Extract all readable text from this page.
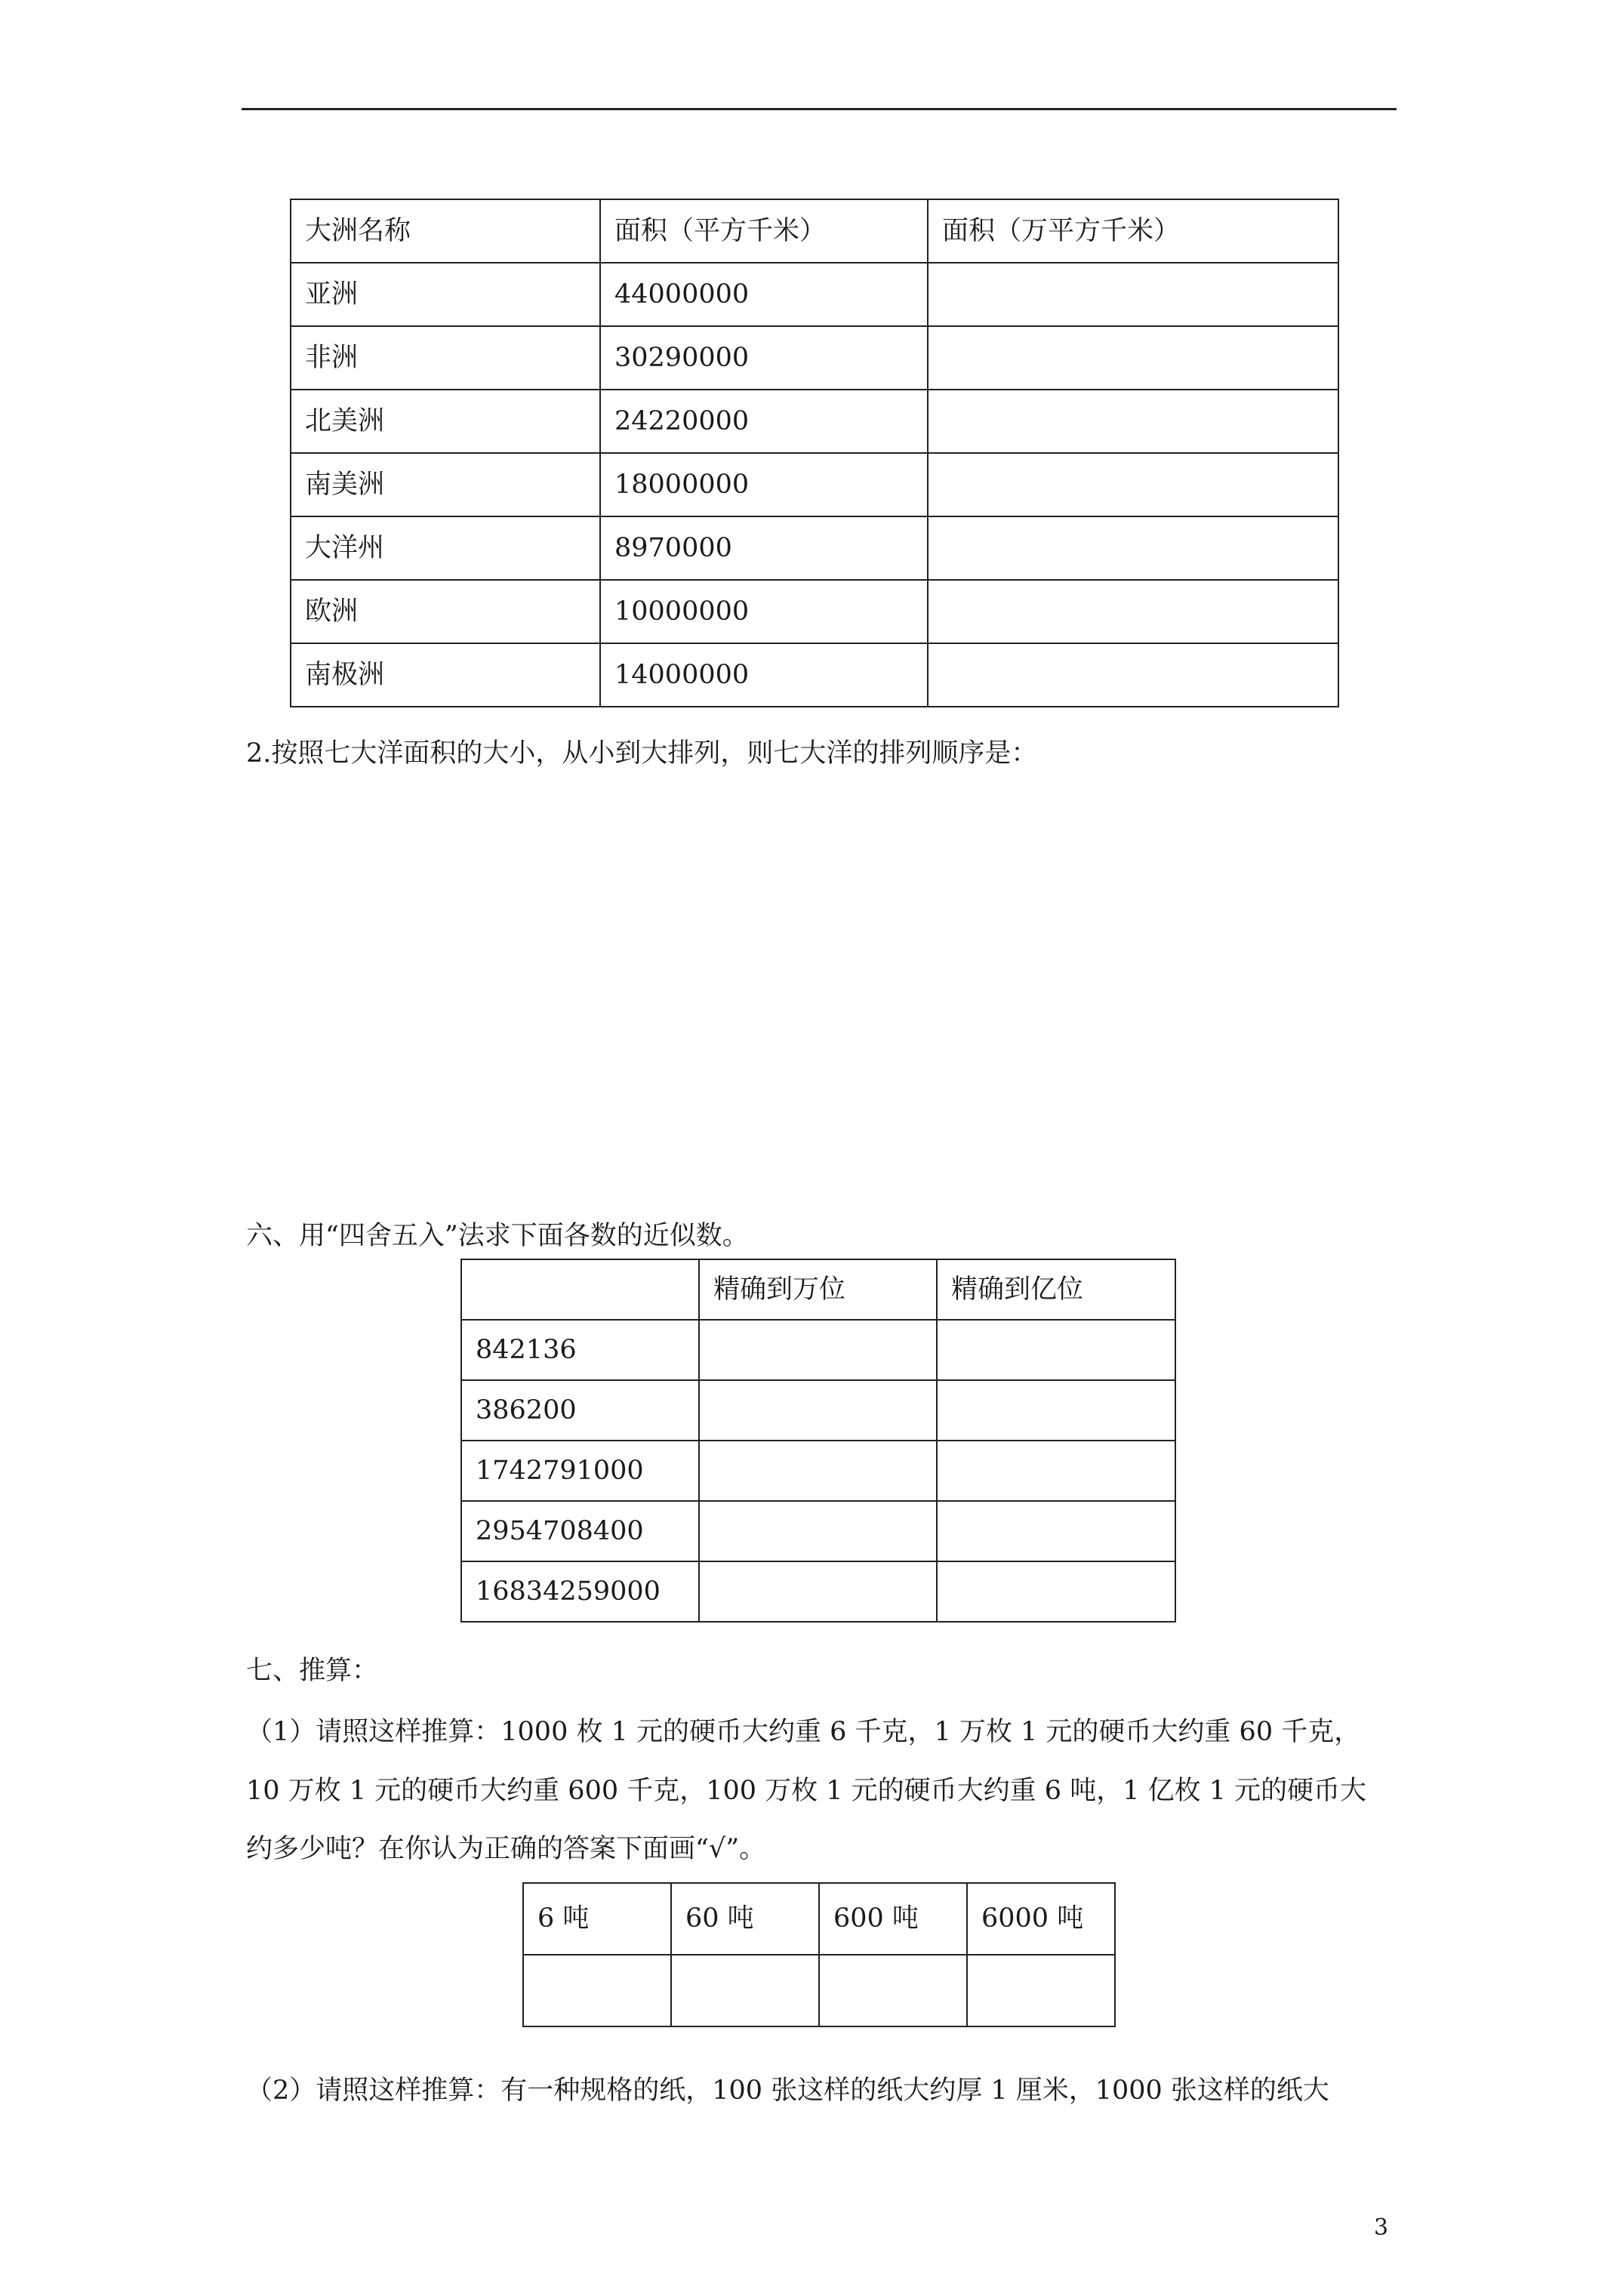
大洲名称	面积（平方千米）	面积（万平方千米）
亚洲	44000000	
非洲	30290000	
北美洲	24220000	
南美洲	18000000	
大洋州	8970000	
欧洲	10000000	
南极洲	14000000	
2.按照七大洋面积的大小，从小到大排列，则七大洋的排列顺序是：
六、用“四舍五入”法求下面各数的近似数。
	精确到万位	精确到亿位
842136		
386200		
1742791000		
2954708400		
16834259000		
七、推算：
（1）请照这样推算：1000 枚 1 元的硬币大约重 6 千克，1 万枚 1 元的硬币大约重 60 千克，
10 万枚 1 元的硬币大约重 600 千克，100 万枚 1 元的硬币大约重 6 吨，1 亿枚 1 元的硬币大
约多少吨？在你认为正确的答案下面画“√”。
6 吨	60 吨	600 吨	6000 吨

（2）请照这样推算：有一种规格的纸，100 张这样的纸大约厚 1 厘米，1000 张这样的纸大
3
